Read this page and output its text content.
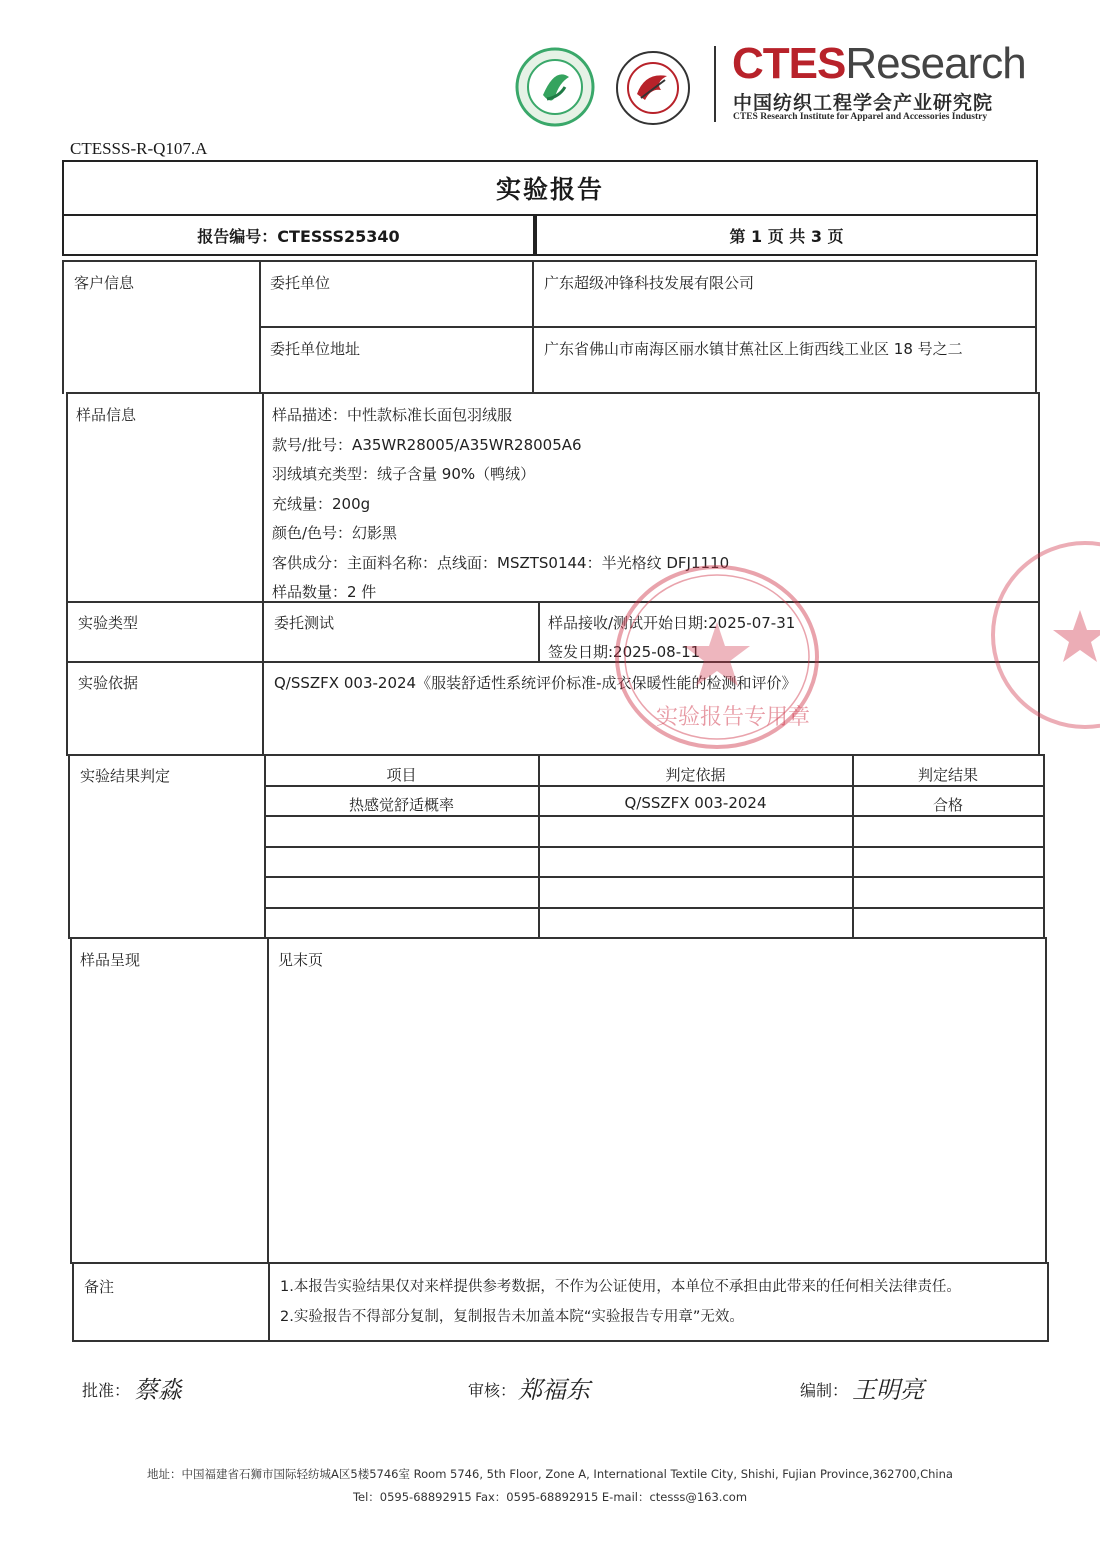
CTESResearch
中国纺织工程学会产业研究院
CTES Research Institute for Apparel and Accessories Industry
CTESSS-R-Q107.A
实验报告
报告编号：CTESSS25340	第 1 页 共 3 页
客户信息	委托单位	广东超级冲锋科技发展有限公司
委托单位地址	广东省佛山市南海区丽水镇甘蕉社区上街西线工业区 18 号之二
样品信息	样品描述：中性款标准长面包羽绒服
款号/批号：A35WR28005/A35WR28005A6
羽绒填充类型：绒子含量 90%（鸭绒）
充绒量：200g
颜色/色号：幻影黑
客供成分：主面料名称：点线面：MSZTS0144：半光格纹 DFJ1110
样品数量：2 件
实验类型	委托测试	样品接收/测试开始日期:2025-07-31
签发日期:2025-08-11
实验依据	Q/SSZFX 003-2024《服装舒适性系统评价标准-成衣保暖性能的检测和评价》
实验结果判定	项目	判定依据	判定结果
热感觉舒适概率	Q/SSZFX 003-2024	合格
样品呈现	见末页
备注	1.本报告实验结果仅对来样提供参考数据，不作为公证使用，本单位不承担由此带来的任何相关法律责任。
2.实验报告不得部分复制，复制报告未加盖本院“实验报告专用章”无效。
实验报告专用章
批准： 蔡淼	审核： 郑福东	编制： 王明亮
地址：中国福建省石狮市国际轻纺城A区5楼5746室 Room 5746, 5th Floor, Zone A, International Textile City, Shishi, Fujian Province,362700,China
Tel：0595-68892915 Fax：0595-68892915 E-mail：ctesss@163.com
